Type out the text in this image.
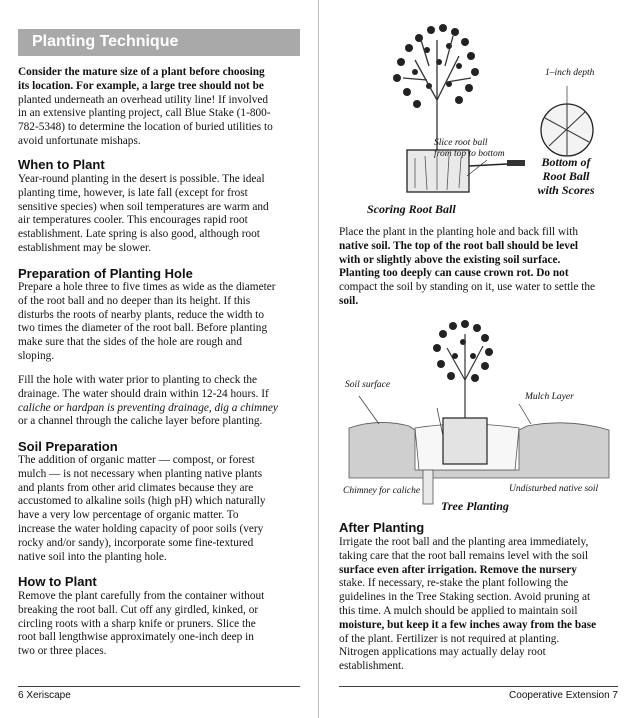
Planting Technique
Consider the mature size of a plant before choosing
its location. For example, a large tree should not be
planted underneath an overhead utility line! If involved
in an extensive planting project, call Blue Stake (1-800-
782-5348) to determine the location of buried utilities to
avoid unfortunate mishaps.
When to Plant
Year-round planting in the desert is possible. The ideal
planting time, however, is late fall (except for frost
sensitive species) when soil temperatures are warm and
air temperatures cooler. This encourages rapid root
establishment. Late spring is also good, although root
establishment may be slower.
Preparation of Planting Hole
Prepare a hole three to five times as wide as the diameter
of the root ball and no deeper than its height. If this
disturbs the roots of nearby plants, reduce the width to
two times the diameter of the root ball. Before planting
make sure that the sides of the hole are rough and
sloping.
Fill the hole with water prior to planting to check the
drainage. The water should drain within 12-24 hours. If
caliche or hardpan is preventing drainage, dig a chimney
or a channel through the caliche layer before planting.
Soil Preparation
The addition of organic matter — compost, or forest
mulch — is not necessary when planting native plants
and plants from other arid climates because they are
accustomed to alkaline soils (high pH) which naturally
have a very low percentage of organic matter. To
increase the water holding capacity of poor soils (very
rocky and/or sandy), incorporate some fine-textured
native soil into the planting hole.
How to Plant
Remove the plant carefully from the container without
breaking the root ball. Cut off any girdled, kinked, or
circling roots with a sharp knife or pruners. Slice the
root ball lengthwise approximately one-inch deep in
two or three places.
6 Xeriscape
1–inch depth
Slice root ball
from top to bottom
Bottom of
Root Ball
with Scores
Scoring Root Ball
Place the plant in the planting hole and back fill with
native soil. The top of the root ball should be level
with or slightly above the existing soil surface.
Planting too deeply can cause crown rot. Do not
compact the soil by standing on it, use water to settle the
soil.
Soil surface
Mulch Layer
Chimney for caliche	Undisturbed native soil
Tree Planting
After Planting
Irrigate the root ball and the planting area immediately,
taking care that the root ball remains level with the soil
surface even after irrigation. Remove the nursery
stake. If necessary, re-stake the plant following the
guidelines in the Tree Staking section. Avoid pruning at
this time. A mulch should be applied to maintain soil
moisture, but keep it a few inches away from the base
of the plant. Fertilizer is not required at planting.
Nitrogen applications may actually delay root
establishment.
Cooperative Extension 7
